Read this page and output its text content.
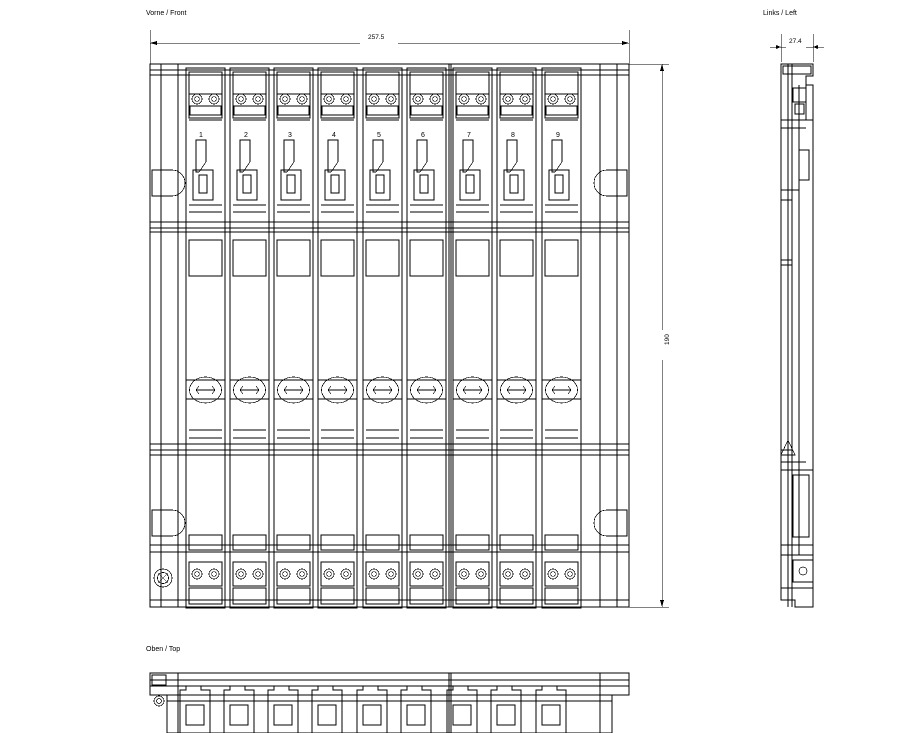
Vorne / Front	Links / Left
Oben / Top
257.5
190
27.4
1	2	3	4	5	6	7	8	9
